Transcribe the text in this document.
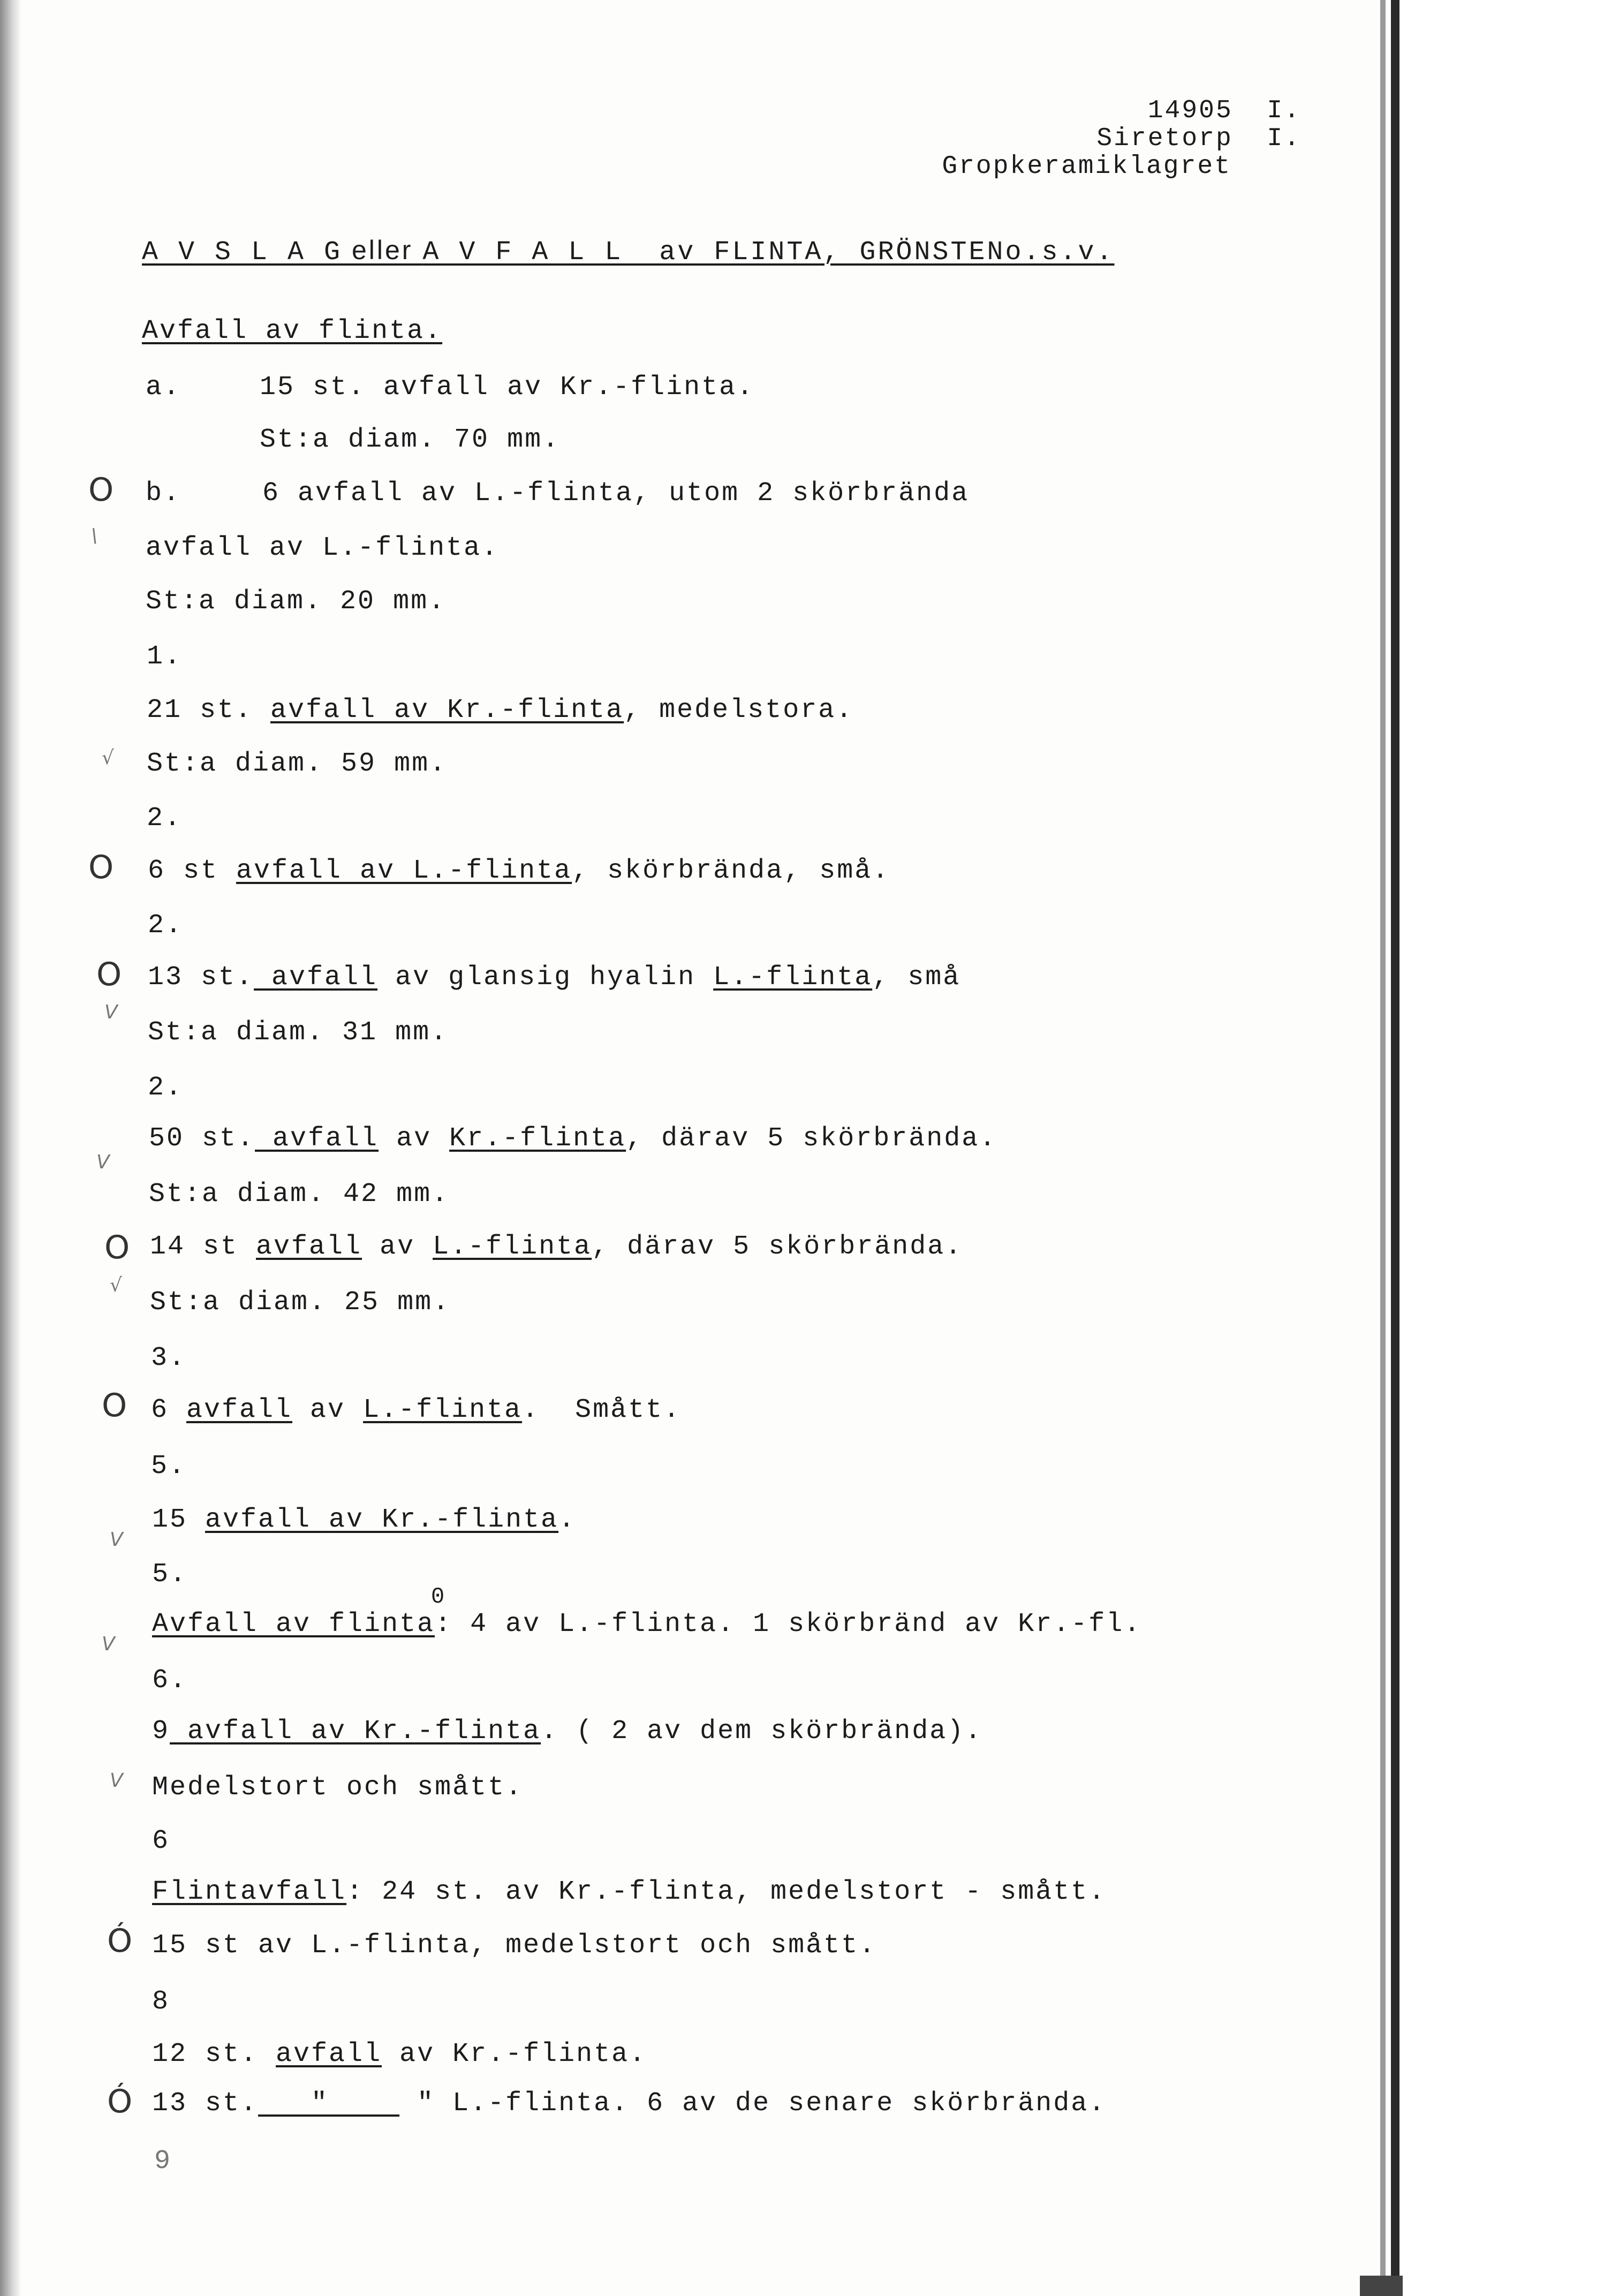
14905  I.
Siretorp  I.
Gropkeramiklagret
A V S L A G eller A V F A L L  av FLINTA, GRÖNSTENo.s.v.
Avfall av flinta.
a.	15 st. avfall av Kr.-flinta.
St:a diam. 70 mm.
b.	6 avfall av L.-flinta, utom 2 skörbrända
avfall av L.-flinta.
St:a diam. 20 mm.
1.
21 st. avfall av Kr.-flinta, medelstora.
St:a diam. 59 mm.
2.
6 st avfall av L.-flinta, skörbrända, små.
2.
13 st. avfall av glansig hyalin L.-flinta, små
St:a diam. 31 mm.
2.
50 st. avfall av Kr.-flinta, därav 5 skörbrända.
St:a diam. 42 mm.
14 st avfall av L.-flinta, därav 5 skörbrända.
St:a diam. 25 mm.
3.
6 avfall av L.-flinta.  Smått.
5.
15 avfall av Kr.-flinta.
5.
0
Avfall av flinta: 4 av L.-flinta. 1 skörbränd av Kr.-fl.
6.
9 avfall av Kr.-flinta. ( 2 av dem skörbrända).
Medelstort och smått.
6
Flintavfall: 24 st. av Kr.-flinta, medelstort - smått.
15 st av L.-flinta, medelstort och smått.
8
12 st. avfall av Kr.-flinta.
13 st.   "     " L.-flinta. 6 av de senare skörbrända.
9
O
\
√
O
O
V
V
O
√
O
V
V
V
Ó
Ó
